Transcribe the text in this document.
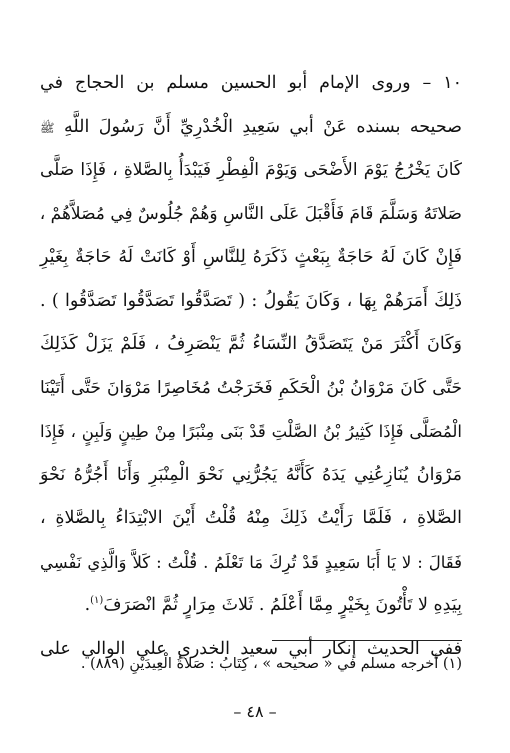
١٠ – وروى الإمام أبو الحسين مسلم بن الحجاج في
صحيحه بسنده عَنْ أبي سَعِيدِ الْخُدْرِيِّ أَنَّ رَسُولَ اللَّهِ ﷺ
كَانَ يَخْرُجُ يَوْمَ الأَضْحَى وَيَوْمَ الْفِطْرِ فَيَبْدَأُ بِالصَّلاةِ ، فَإِذَا صَلَّى
صَلاتَهُ وَسَلَّمَ قَامَ فَأَقْبَلَ عَلَى النَّاسِ وَهُمْ جُلُوسٌ فِي مُصَلاَّهُمْ ،
فَإِنْ كَانَ لَهُ حَاجَةٌ بِبَعْثٍ ذَكَرَهُ لِلنَّاسِ أَوْ كَانَتْ لَهُ حَاجَةٌ بِغَيْرِ
ذَلِكَ أَمَرَهُمْ بِهَا ، وَكَانَ يَقُولُ : ( تَصَدَّقُوا تَصَدَّقُوا تَصَدَّقُوا ) .
وَكَانَ أَكْثَرَ مَنْ يَتَصَدَّقُ النِّسَاءُ ثُمَّ يَنْصَرِفُ ، فَلَمْ يَزَلْ كَذَلِكَ
حَتَّى كَانَ مَرْوَانُ بْنُ الْحَكَمِ فَخَرَجْتُ مُخَاصِرًا مَرْوَانَ حَتَّى أَتَيْنَا
الْمُصَلَّى فَإِذَا كَثِيرُ بْنُ الصَّلْتِ قَدْ بَنَى مِنْبَرًا مِنْ طِينٍ وَلَبِنٍ ، فَإِذَا
مَرْوَانُ يُنَازِعُنِي يَدَهُ كَأَنَّهُ يَجُرُّنِي نَحْوَ الْمِنْبَرِ وَأَنَا أَجُرُّهُ نَحْوَ
الصَّلاةِ ، فَلَمَّا رَأَيْتُ ذَلِكَ مِنْهُ قُلْتُ أَيْنَ الابْتِدَاءُ بِالصَّلاةِ ،
فَقَالَ : لا يَا أَبَا سَعِيدٍ قَدْ تُرِكَ مَا تَعْلَمُ . قُلْتُ : كَلاَّ وَالَّذِي نَفْسِي
بِيَدِهِ لا تَأْتُونَ بِخَيْرٍ مِمَّا أَعْلَمُ . ثَلاثَ مِرَارٍ ثُمَّ انْصَرَفَ$^{(١)}$.
ففي الحديث إنكار أبي سعيد الخدري على الوالي على
(١) أخرجه مسلم في « صحيحه » ، كِتَابُ : صَلاةُ الْعِيدَيْنِ (٨٨٩) .
– ٤٨ –
